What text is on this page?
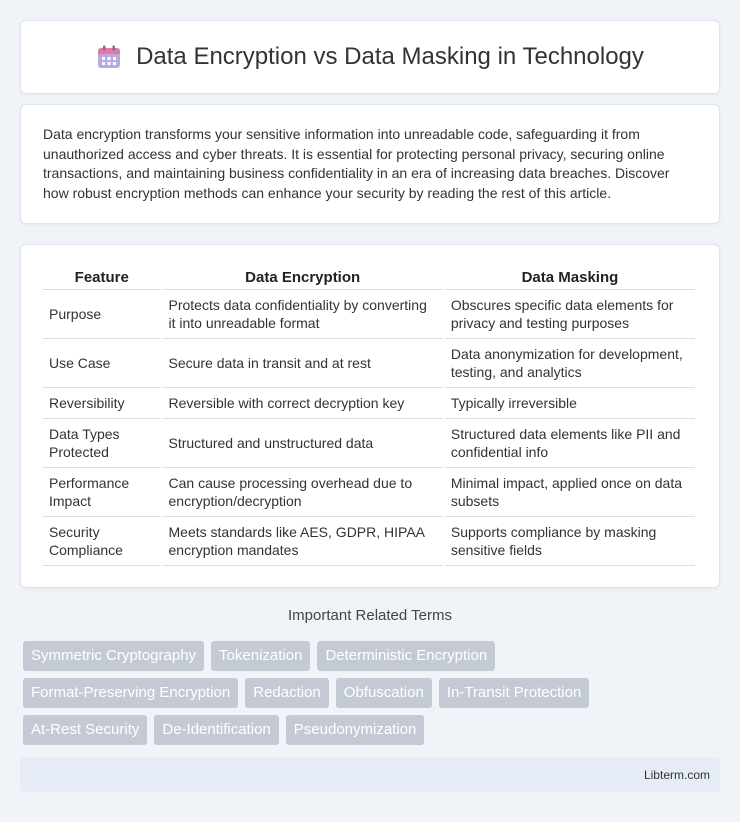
Data Encryption vs Data Masking in Technology

Data encryption transforms your sensitive information into unreadable code, safeguarding it from unauthorized access and cyber threats. It is essential for protecting personal privacy, securing online transactions, and maintaining business confidentiality in an era of increasing data breaches. Discover how robust encryption methods can enhance your security by reading the rest of this article.

Feature	Data Encryption	Data Masking
Purpose	Protects data confidentiality by converting it into unreadable format	Obscures specific data elements for privacy and testing purposes
Use Case	Secure data in transit and at rest	Data anonymization for development, testing, and analytics
Reversibility	Reversible with correct decryption key	Typically irreversible
Data Types Protected	Structured and unstructured data	Structured data elements like PII and confidential info
Performance Impact	Can cause processing overhead due to encryption/decryption	Minimal impact, applied once on data subsets
Security Compliance	Meets standards like AES, GDPR, HIPAA encryption mandates	Supports compliance by masking sensitive fields
Important Related Terms
Symmetric Cryptography	Tokenization	Deterministic Encryption
Format-Preserving Encryption	Redaction	Obfuscation	In-Transit Protection
At-Rest Security	De-Identification	Pseudonymization
Libterm.com
